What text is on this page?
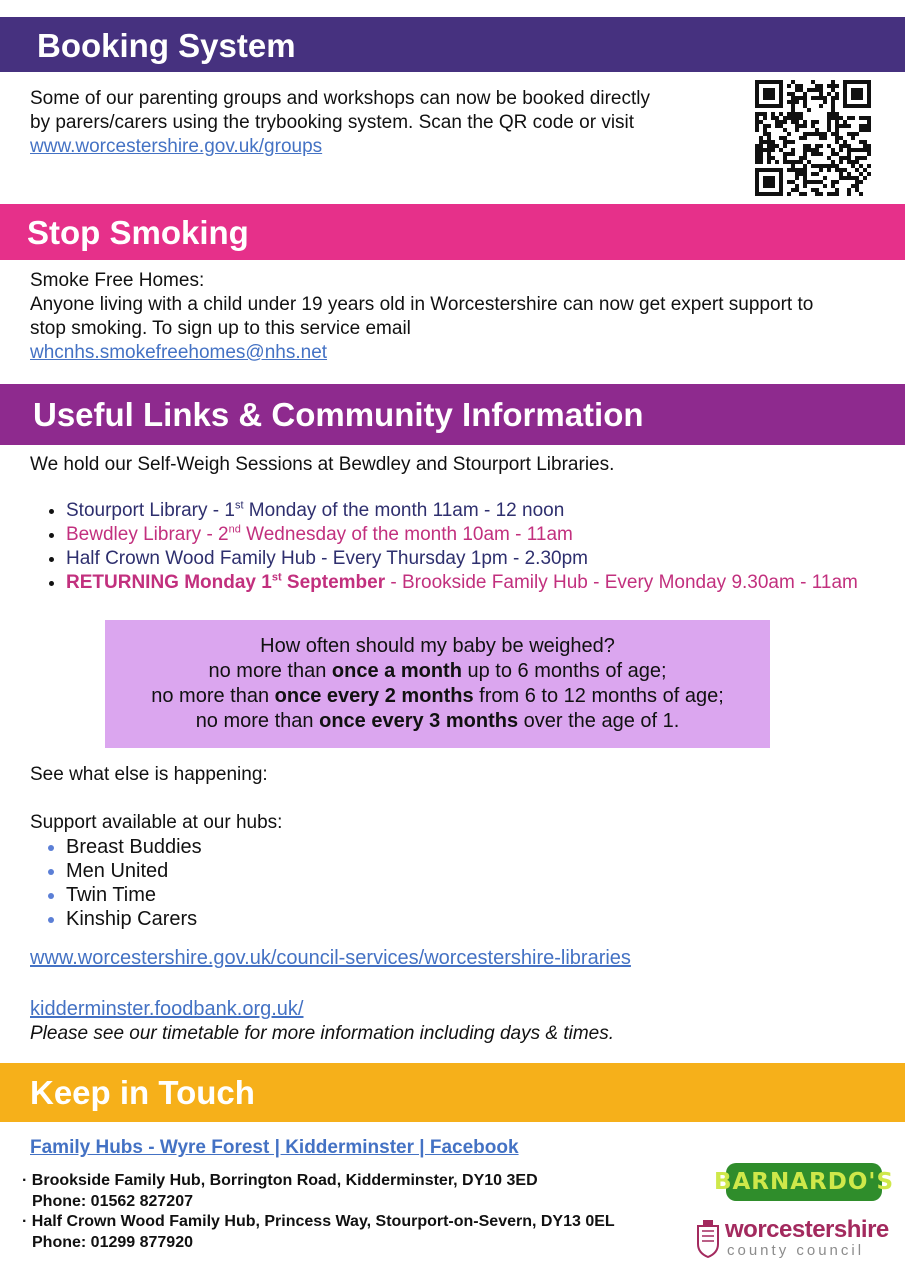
Booking System
Some of our parenting groups and workshops can now be booked directly by parers/carers using the trybooking system. Scan the QR code or visit www.worcestershire.gov.uk/groups
Stop Smoking
Smoke Free Homes:
Anyone living with a child under 19 years old in Worcestershire can now get expert support to stop smoking. To sign up to this service email
whcnhs.smokefreehomes@nhs.net
Useful Links & Community Information
We hold our Self-Weigh Sessions at Bewdley and Stourport Libraries.
• Stourport Library - 1st Monday of the month 11am - 12 noon
• Bewdley Library - 2nd Wednesday of the month 10am - 11am
• Half Crown Wood Family Hub - Every Thursday 1pm - 2.30pm
• RETURNING Monday 1st September - Brookside Family Hub - Every Monday 9.30am - 11am
How often should my baby be weighed?
no more than once a month up to 6 months of age;
no more than once every 2 months from 6 to 12 months of age;
no more than once every 3 months over the age of 1.
See what else is happening:
Support available at our hubs:
• Breast Buddies
• Men United
• Twin Time
• Kinship Carers
www.worcestershire.gov.uk/council-services/worcestershire-libraries
kidderminster.foodbank.org.uk/
Please see our timetable for more information including days & times.
Keep in Touch
Family Hubs - Wyre Forest | Kidderminster | Facebook
· Brookside Family Hub, Borrington Road, Kidderminster, DY10 3ED
Phone: 01562 827207
· Half Crown Wood Family Hub, Princess Way, Stourport-on-Severn, DY13 0EL
Phone: 01299 877920
BARNARDO'S
worcestershire
county council
